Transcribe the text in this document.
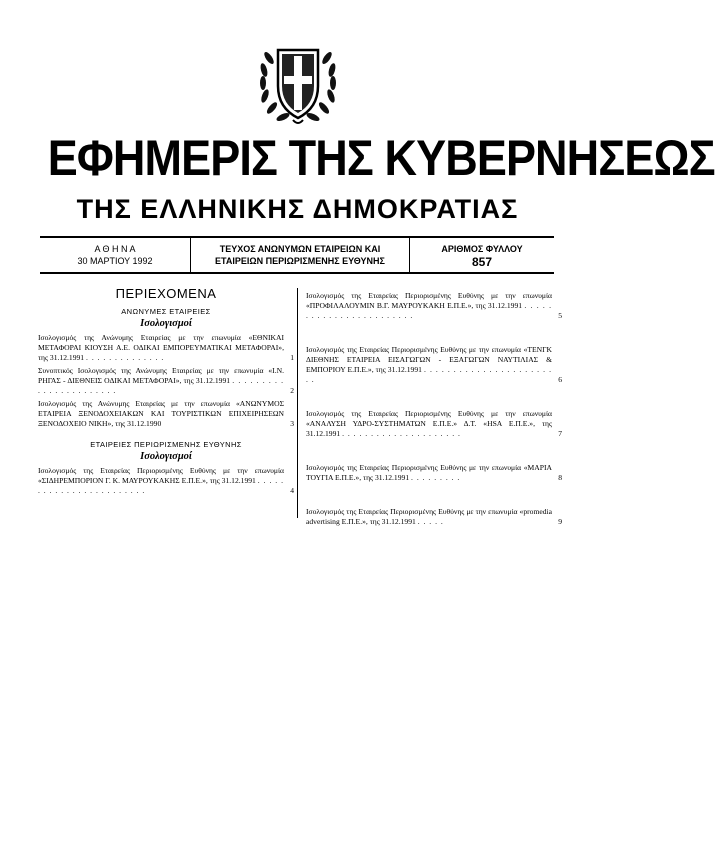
ΕΦΗΜΕΡΙΣ ΤΗΣ ΚΥΒΕΡΝΗΣΕΩΣ
ΤΗΣ ΕΛΛΗΝΙΚΗΣ ΔΗΜΟΚΡΑΤΙΑΣ
Α Θ Η Ν Α
30 ΜΑΡΤΙΟΥ 1992
ΤΕΥΧΟΣ ΑΝΩΝΥΜΩΝ ΕΤΑΙΡΕΙΩΝ ΚΑΙ
ΕΤΑΙΡΕΙΩΝ ΠΕΡΙΩΡΙΣΜΕΝΗΣ ΕΥΘΥΝΗΣ
ΑΡΙΘΜΟΣ ΦΥΛΛΟΥ
857
ΠΕΡΙΕΧΟΜΕΝΑ
ΑΝΩΝΥΜΕΣ ΕΤΑΙΡΕΙΕΣ
Ισολογισμοί
Ισολογισμός της Ανώνυμης Εταιρείας με την επωνυμία «ΕΘΝΙΚΑΙ ΜΕΤΑΦΟΡΑΙ ΚΙΟΥΣΗ Α.Ε. ΟΔΙΚΑΙ ΕΜΠΟΡΕΥΜΑΤΙΚΑΙ ΜΕΤΑΦΟΡΑΙ», της 31.12.1991 . . . . . . . . . . . . . .	1
Συνοπτικός Ισολογισμός της Ανώνυμης Εταιρείας με την επωνυμία «Ι.Ν. ΡΗΓΑΣ - ΔΙΕΘΝΕΙΣ ΟΔΙΚΑΙ ΜΕΤΑΦΟΡΑΙ», της 31.12.1991 . . . . . . . . . . . . . . . . . . . . . . .	2
Ισολογισμός της Ανώνυμης Εταιρείας με την επωνυμία «ΑΝΩΝΥΜΟΣ ΕΤΑΙΡΕΙΑ ΞΕΝΟΔΟΧΕΙΑΚΩΝ ΚΑΙ ΤΟΥΡΙΣΤΙΚΩΝ ΕΠΙΧΕΙΡΗΣΕΩΝ ΞΕΝΟΔΟΧΕΙΟ ΝΙΚΗ», της 31.12.1990	3
ΕΤΑΙΡΕΙΕΣ ΠΕΡΙΩΡΙΣΜΕΝΗΣ ΕΥΘΥΝΗΣ
Ισολογισμοί
Ισολογισμός της Εταιρείας Περιορισμένης Ευθύνης με την επωνυμία «ΣΙΔΗΡΕΜΠΟΡΙΟΝ Γ. Κ. ΜΑΥΡΟΥΚΑΚΗΣ Ε.Π.Ε.», της 31.12.1991 . . . . . . . . . . . . . . . . . . . . . . . .	4
Ισολογισμός της Εταιρείας Περιορισμένης Ευθύνης με την επωνυμία «ΠΡΟΦΙΛΑΛΟΥΜΙΝ Β.Γ. ΜΑΥΡΟΥΚΑΚΗ Ε.Π.Ε.», της 31.12.1991 . . . . . . . . . . . . . . . . . . . . . . . .	5
Ισολογισμός της Εταιρείας Περιορισμένης Ευθύνης με την επωνυμία «ΤΕΝΓΚ ΔΙΕΘΝΗΣ ΕΤΑΙΡΕΙΑ ΕΙΣΑΓΩΓΩΝ - ΕΞΑΓΩΓΩΝ ΝΑΥΤΙΛΙΑΣ & ΕΜΠΟΡΙΟΥ Ε.Π.Ε.», της 31.12.1991 . . . . . . . . . . . . . . . . . . . . . . . .	6
Ισολογισμός της Εταιρείας Περιορισμένης Ευθύνης με την επωνυμία «ΑΝΑΛΥΣΗ ΥΔΡΟ-ΣΥΣΤΗΜΑΤΩΝ Ε.Π.Ε.» Δ.Τ. «HSA Ε.Π.Ε.», της 31.12.1991 . . . . . . . . . . . . . . . . . . . . .	7
Ισολογισμός της Εταιρείας Περιορισμένης Ευθύνης με την επωνυμία «ΜΑΡΙΑ ΤΟΥΓΙΑ Ε.Π.Ε.», της 31.12.1991 . . . . . . . . .	8
Ισολογισμός της Εταιρείας Περιορισμένης Ευθύνης με την επωνυμία «promedia advertising Ε.Π.Ε.», της 31.12.1991 . . . . .	9
